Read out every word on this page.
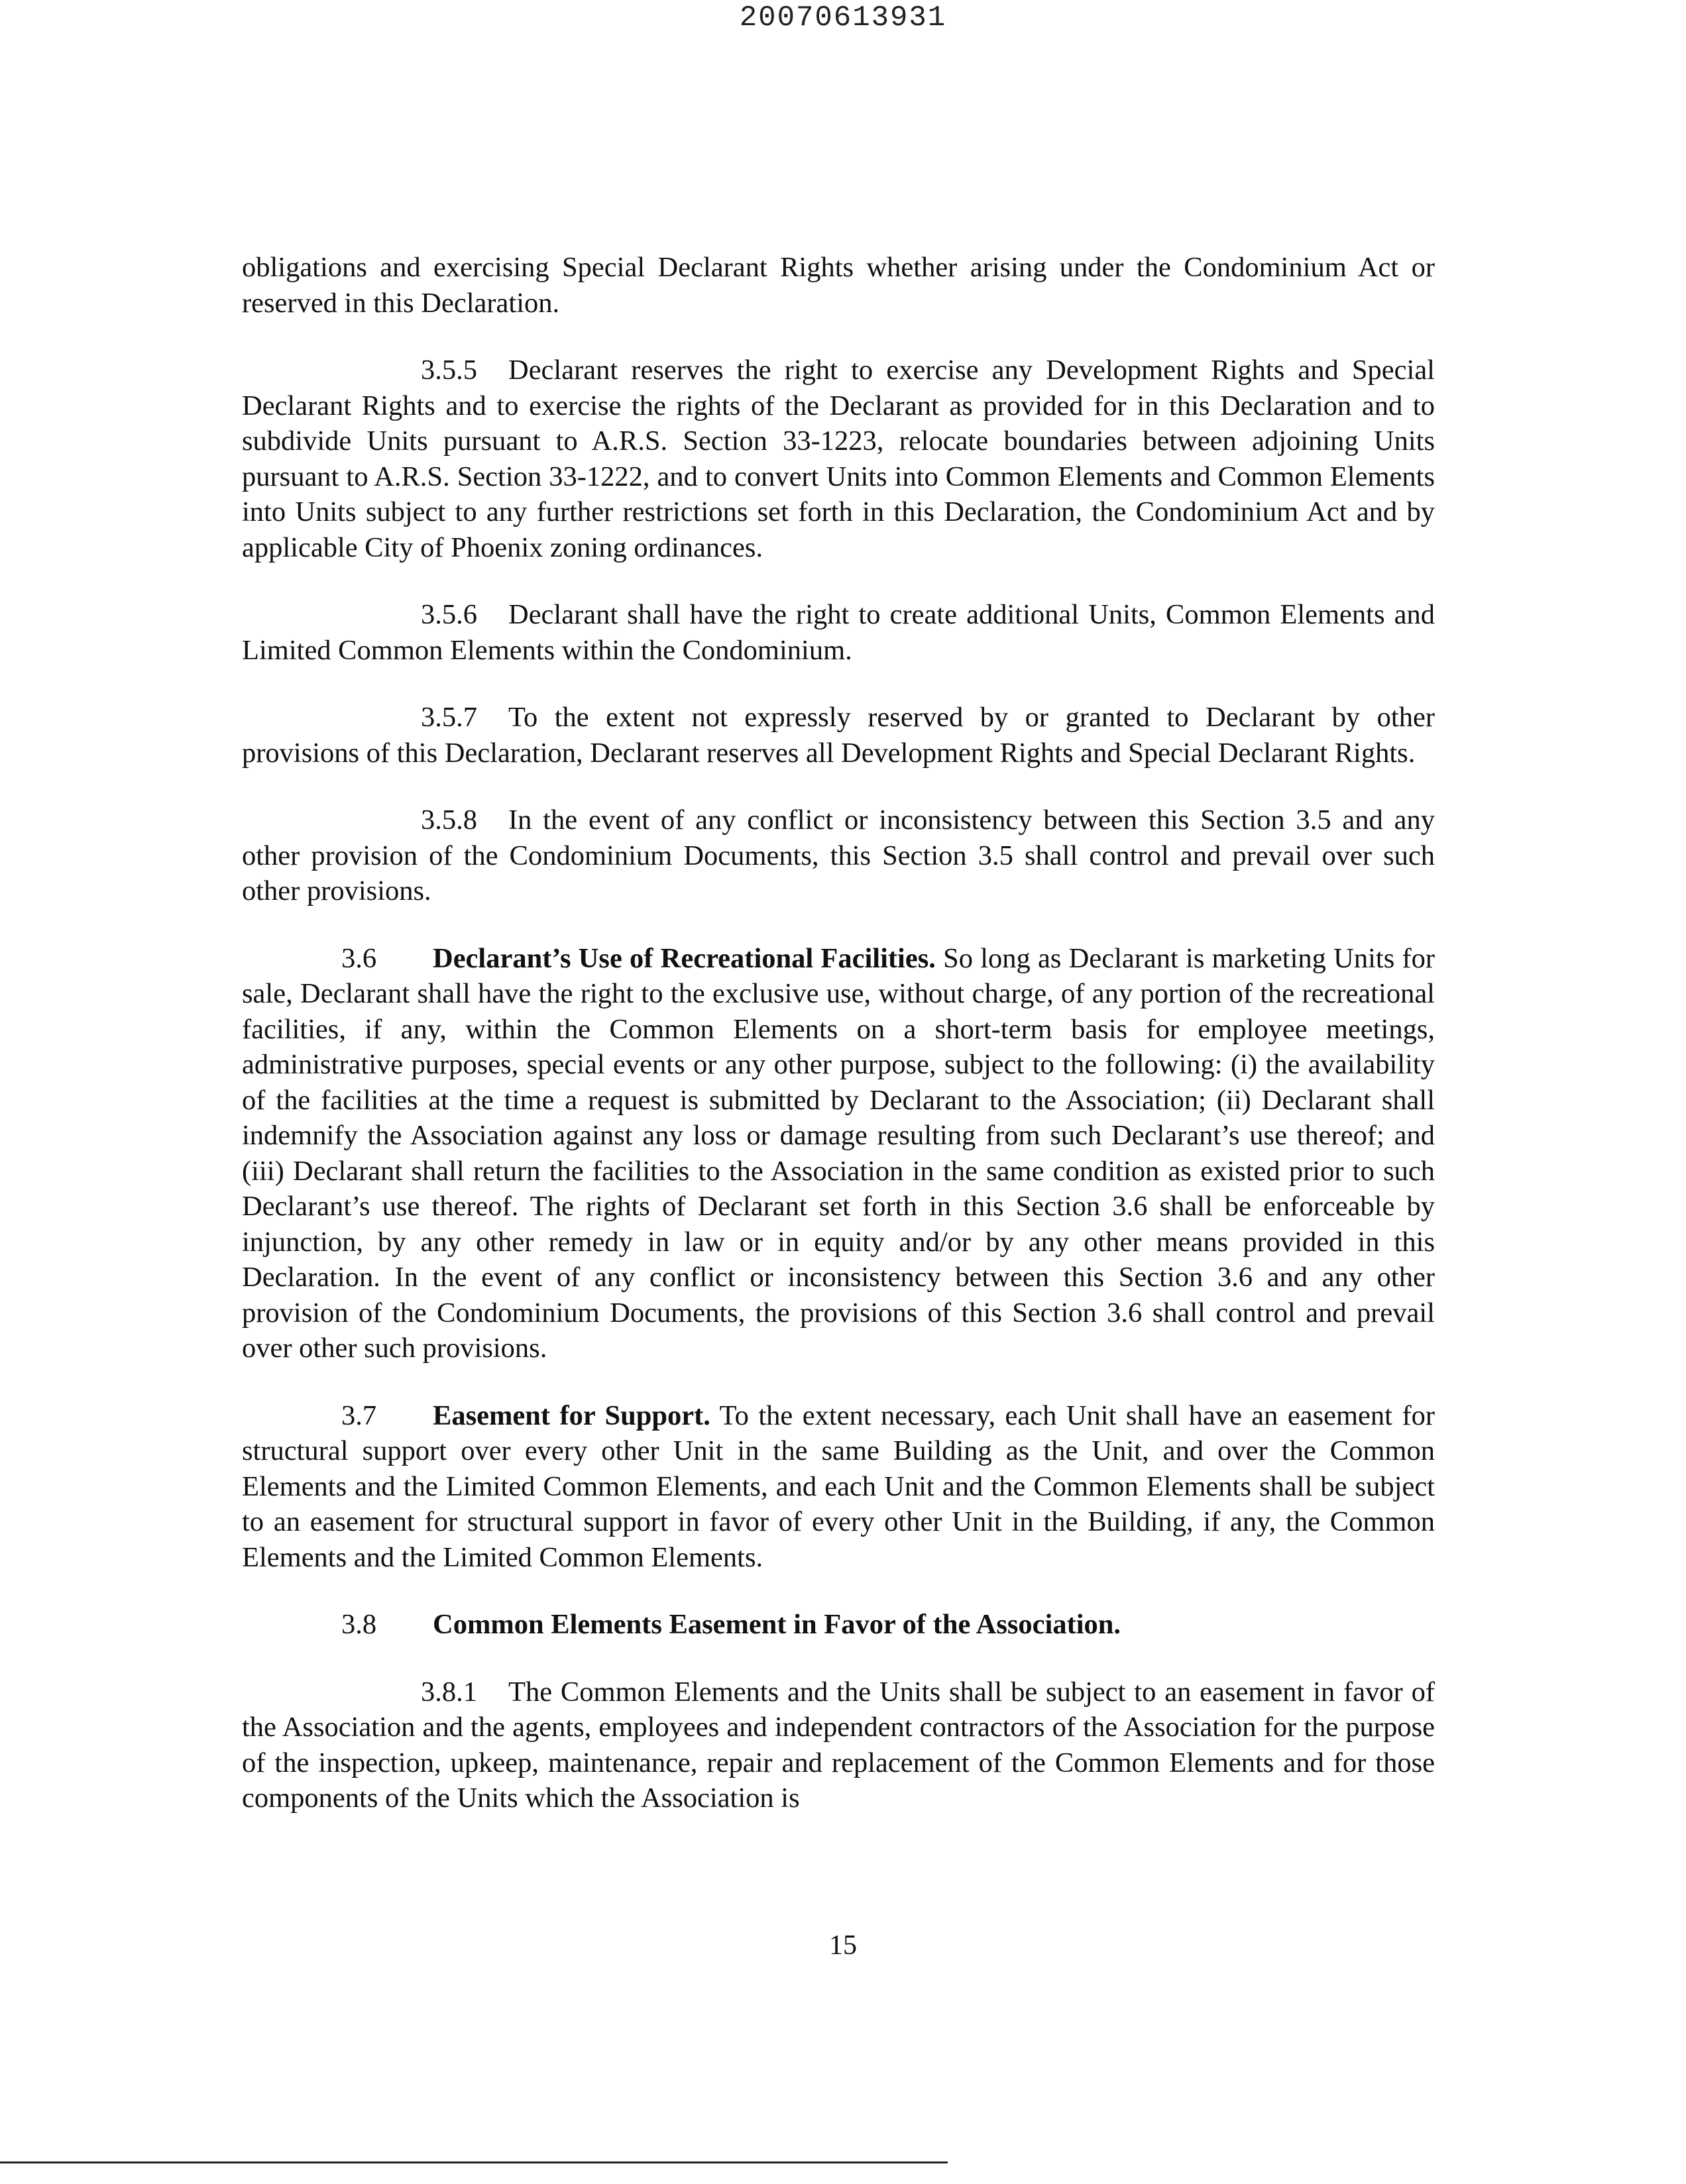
20070613931

obligations and exercising Special Declarant Rights whether arising under the Condominium Act or reserved in this Declaration.

3.5.5 Declarant reserves the right to exercise any Development Rights and Special Declarant Rights and to exercise the rights of the Declarant as provided for in this Declaration and to subdivide Units pursuant to A.R.S. Section 33-1223, relocate boundaries between adjoining Units pursuant to A.R.S. Section 33-1222, and to convert Units into Common Elements and Common Elements into Units subject to any further restrictions set forth in this Declaration, the Condominium Act and by applicable City of Phoenix zoning ordinances.

3.5.6 Declarant shall have the right to create additional Units, Common Elements and Limited Common Elements within the Condominium.

3.5.7 To the extent not expressly reserved by or granted to Declarant by other provisions of this Declaration, Declarant reserves all Development Rights and Special Declarant Rights.

3.5.8 In the event of any conflict or inconsistency between this Section 3.5 and any other provision of the Condominium Documents, this Section 3.5 shall control and prevail over such other provisions.

3.6 Declarant’s Use of Recreational Facilities. So long as Declarant is marketing Units for sale, Declarant shall have the right to the exclusive use, without charge, of any portion of the recreational facilities, if any, within the Common Elements on a short-term basis for employee meetings, administrative purposes, special events or any other purpose, subject to the following: (i) the availability of the facilities at the time a request is submitted by Declarant to the Association; (ii) Declarant shall indemnify the Association against any loss or damage resulting from such Declarant’s use thereof; and (iii) Declarant shall return the facilities to the Association in the same condition as existed prior to such Declarant’s use thereof. The rights of Declarant set forth in this Section 3.6 shall be enforceable by injunction, by any other remedy in law or in equity and/or by any other means provided in this Declaration. In the event of any conflict or inconsistency between this Section 3.6 and any other provision of the Condominium Documents, the provisions of this Section 3.6 shall control and prevail over other such provisions.

3.7 Easement for Support. To the extent necessary, each Unit shall have an easement for structural support over every other Unit in the same Building as the Unit, and over the Common Elements and the Limited Common Elements, and each Unit and the Common Elements shall be subject to an easement for structural support in favor of every other Unit in the Building, if any, the Common Elements and the Limited Common Elements.

3.8 Common Elements Easement in Favor of the Association.

3.8.1 The Common Elements and the Units shall be subject to an easement in favor of the Association and the agents, employees and independent contractors of the Association for the purpose of the inspection, upkeep, maintenance, repair and replacement of the Common Elements and for those components of the Units which the Association is

15
